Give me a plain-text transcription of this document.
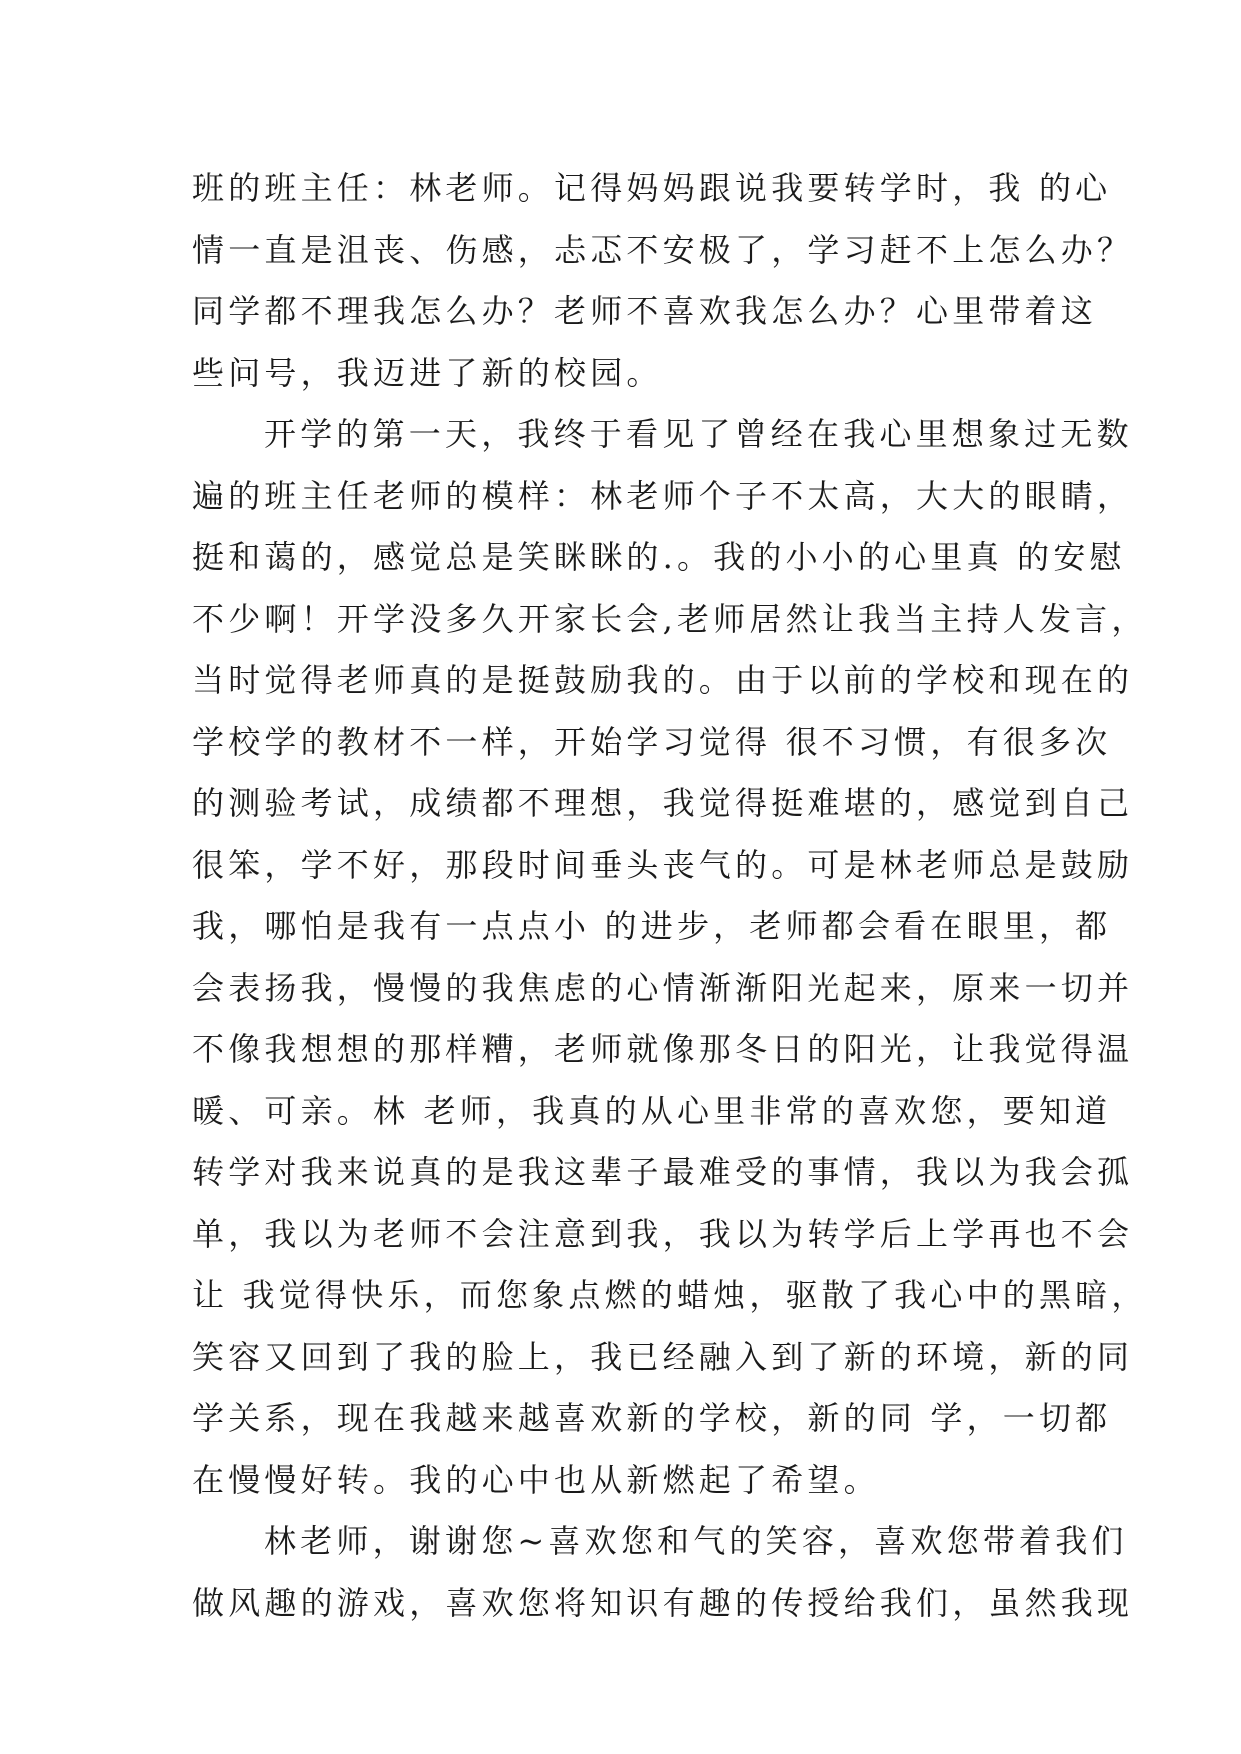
班的班主任：林老师。记得妈妈跟说我要转学时，我 的心
情一直是沮丧、伤感，忐忑不安极了，学习赶不上怎么办？
同学都不理我怎么办？老师不喜欢我怎么办？心里带着这
些问号，我迈进了新的校园。
开学的第一天，我终于看见了曾经在我心里想象过无数
遍的班主任老师的模样：林老师个子不太高，大大的眼睛，
挺和蔼的，感觉总是笑眯眯的.。我的小小的心里真 的安慰
不少啊！开学没多久开家长会,老师居然让我当主持人发言，
当时觉得老师真的是挺鼓励我的。由于以前的学校和现在的
学校学的教材不一样，开始学习觉得 很不习惯，有很多次
的测验考试，成绩都不理想，我觉得挺难堪的，感觉到自己
很笨，学不好，那段时间垂头丧气的。可是林老师总是鼓励
我，哪怕是我有一点点小 的进步，老师都会看在眼里，都
会表扬我，慢慢的我焦虑的心情渐渐阳光起来，原来一切并
不像我想想的那样糟，老师就像那冬日的阳光，让我觉得温
暖、可亲。林 老师，我真的从心里非常的喜欢您，要知道
转学对我来说真的是我这辈子最难受的事情，我以为我会孤
单，我以为老师不会注意到我，我以为转学后上学再也不会
让 我觉得快乐，而您象点燃的蜡烛，驱散了我心中的黑暗，
笑容又回到了我的脸上，我已经融入到了新的环境，新的同
学关系，现在我越来越喜欢新的学校，新的同 学，一切都
在慢慢好转。我的心中也从新燃起了希望。
林老师，谢谢您~喜欢您和气的笑容，喜欢您带着我们
做风趣的游戏，喜欢您将知识有趣的传授给我们，虽然我现
